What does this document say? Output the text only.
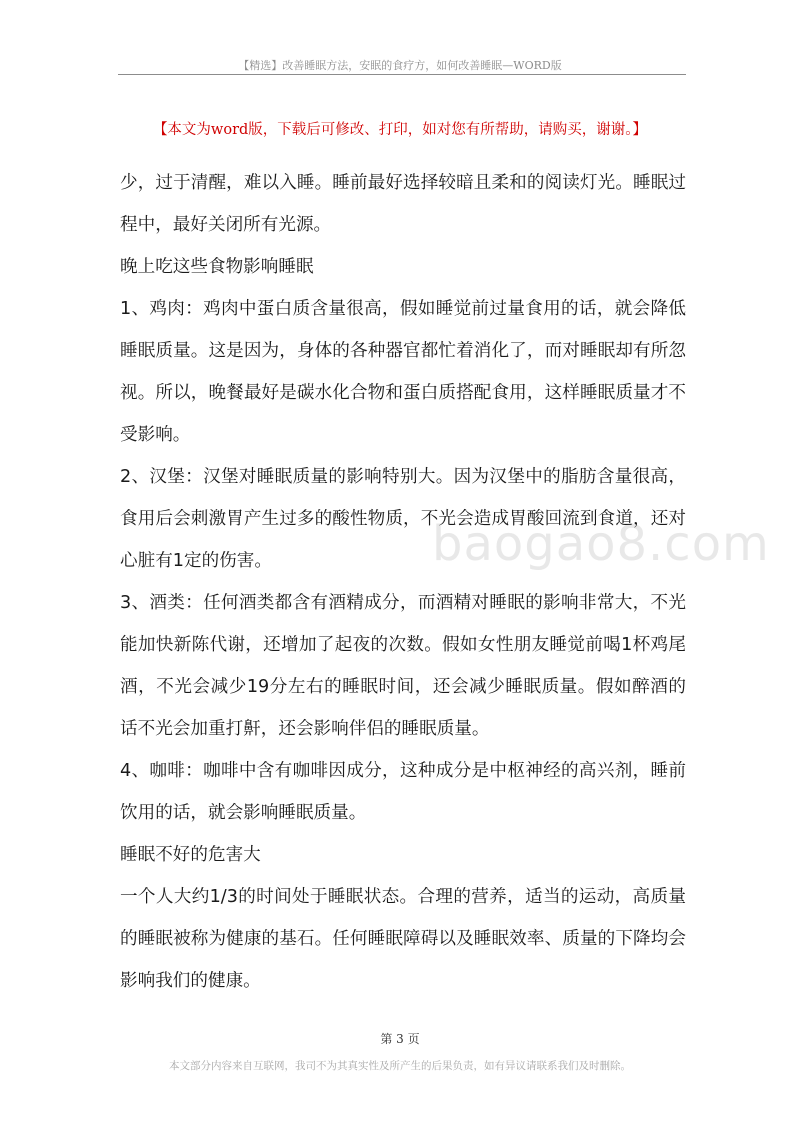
【精选】改善睡眠方法，安眠的食疗方，如何改善睡眠—WORD版
【本文为word版，下载后可修改、打印，如对您有所帮助，请购买，谢谢。】

少，过于清醒，难以入睡。睡前最好选择较暗且柔和的阅读灯光。睡眠过程中，最好关闭所有光源。

晚上吃这些食物影响睡眠

1、鸡肉：鸡肉中蛋白质含量很高，假如睡觉前过量食用的话，就会降低睡眠质量。这是因为，身体的各种器官都忙着消化了，而对睡眠却有所忽视。所以，晚餐最好是碳水化合物和蛋白质搭配食用，这样睡眠质量才不受影响。

2、汉堡：汉堡对睡眠质量的影响特别大。因为汉堡中的脂肪含量很高，食用后会刺激胃产生过多的酸性物质，不光会造成胃酸回流到食道，还对心脏有1定的伤害。

3、酒类：任何酒类都含有酒精成分，而酒精对睡眠的影响非常大，不光能加快新陈代谢，还增加了起夜的次数。假如女性朋友睡觉前喝1杯鸡尾酒，不光会减少19分左右的睡眠时间，还会减少睡眠质量。假如醉酒的话不光会加重打鼾，还会影响伴侣的睡眠质量。

4、咖啡：咖啡中含有咖啡因成分，这种成分是中枢神经的高兴剂，睡前饮用的话，就会影响睡眠质量。

睡眠不好的危害大

一个人大约1/3的时间处于睡眠状态。合理的营养，适当的运动，高质量的睡眠被称为健康的基石。任何睡眠障碍以及睡眠效率、质量的下降均会影响我们的健康。

baogao8.com
第 3 页
本文部分内容来自互联网，我司不为其真实性及所产生的后果负责，如有异议请联系我们及时删除。
